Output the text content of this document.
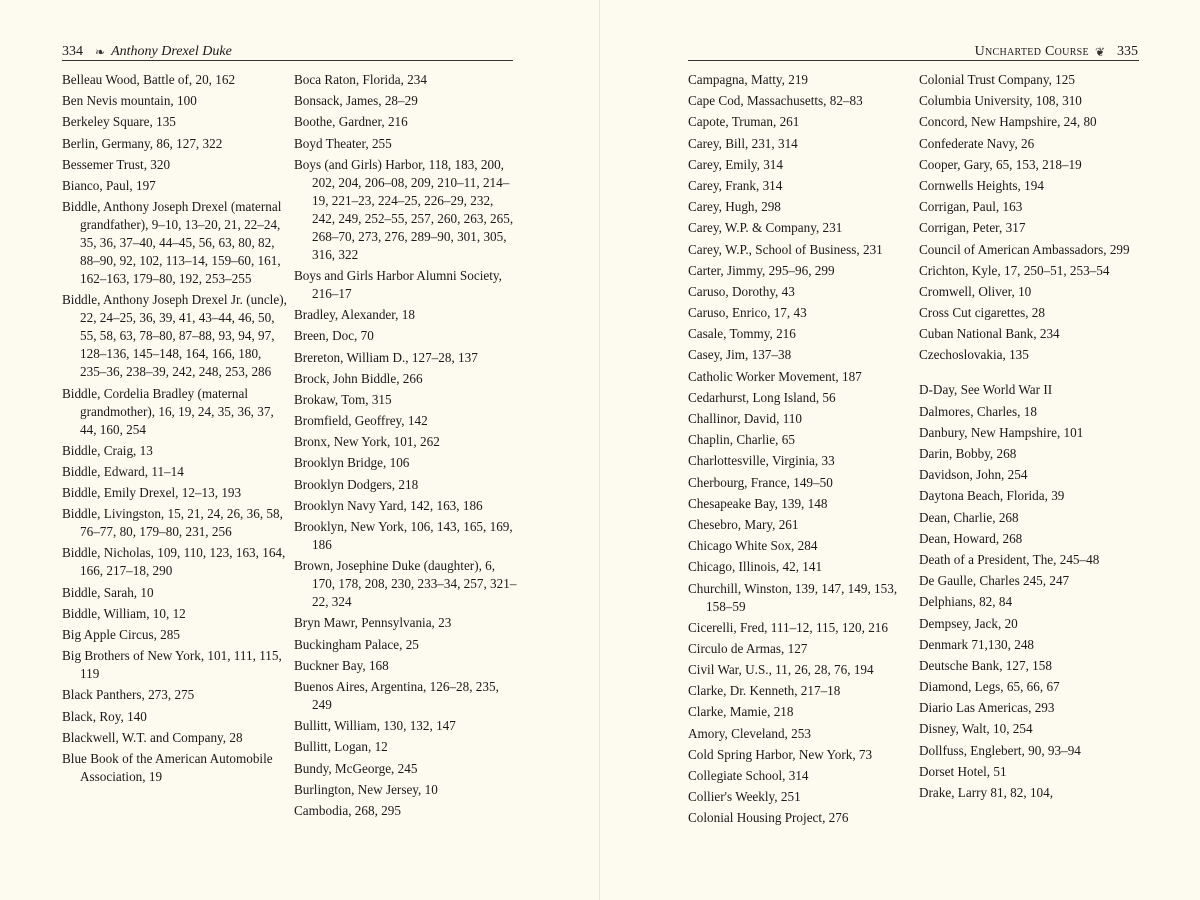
334 ❧ Anthony Drexel Duke
Belleau Wood, Battle of, 20, 162
Ben Nevis mountain, 100
Berkeley Square, 135
Berlin, Germany, 86, 127, 322
Bessemer Trust, 320
Bianco, Paul, 197
Biddle, Anthony Joseph Drexel (maternal grandfather), 9–10, 13–20, 21, 22–24, 35, 36, 37–40, 44–45, 56, 63, 80, 82, 88–90, 92, 102, 113–14, 159–60, 161, 162–163, 179–80, 192, 253–255
Biddle, Anthony Joseph Drexel Jr. (uncle), 22, 24–25, 36, 39, 41, 43–44, 46, 50, 55, 58, 63, 78–80, 87–88, 93, 94, 97, 128–136, 145–148, 164, 166, 180, 235–36, 238–39, 242, 248, 253, 286
Biddle, Cordelia Bradley (maternal grandmother), 16, 19, 24, 35, 36, 37, 44, 160, 254
Biddle, Craig, 13
Biddle, Edward, 11–14
Biddle, Emily Drexel, 12–13, 193
Biddle, Livingston, 15, 21, 24, 26, 36, 58, 76–77, 80, 179–80, 231, 256
Biddle, Nicholas, 109, 110, 123, 163, 164, 166, 217–18, 290
Biddle, Sarah, 10
Biddle, William, 10, 12
Big Apple Circus, 285
Big Brothers of New York, 101, 111, 115, 119
Black Panthers, 273, 275
Black, Roy, 140
Blackwell, W.T. and Company, 28
Blue Book of the American Automobile Association, 19
Boca Raton, Florida, 234
Bonsack, James, 28–29
Boothe, Gardner, 216
Boyd Theater, 255
Boys (and Girls) Harbor, 118, 183, 200, 202, 204, 206–08, 209, 210–11, 214–19, 221–23, 224–25, 226–29, 232, 242, 249, 252–55, 257, 260, 263, 265, 268–70, 273, 276, 289–90, 301, 305, 316, 322
Boys and Girls Harbor Alumni Society, 216–17
Bradley, Alexander, 18
Breen, Doc, 70
Brereton, William D., 127–28, 137
Brock, John Biddle, 266
Brokaw, Tom, 315
Bromfield, Geoffrey, 142
Bronx, New York, 101, 262
Brooklyn Bridge, 106
Brooklyn Dodgers, 218
Brooklyn Navy Yard, 142, 163, 186
Brooklyn, New York, 106, 143, 165, 169, 186
Brown, Josephine Duke (daughter), 6, 170, 178, 208, 230, 233–34, 257, 321–22, 324
Bryn Mawr, Pennsylvania, 23
Buckingham Palace, 25
Buckner Bay, 168
Buenos Aires, Argentina, 126–28, 235, 249
Bullitt, William, 130, 132, 147
Bullitt, Logan, 12
Bundy, McGeorge, 245
Burlington, New Jersey, 10
Cambodia, 268, 295
Uncharted Course ❦ 335
Campagna, Matty, 219
Cape Cod, Massachusetts, 82–83
Capote, Truman, 261
Carey, Bill, 231, 314
Carey, Emily, 314
Carey, Frank, 314
Carey, Hugh, 298
Carey, W.P. & Company, 231
Carey, W.P., School of Business, 231
Carter, Jimmy, 295–96, 299
Caruso, Dorothy, 43
Caruso, Enrico, 17, 43
Casale, Tommy, 216
Casey, Jim, 137–38
Catholic Worker Movement, 187
Cedarhurst, Long Island, 56
Challinor, David, 110
Chaplin, Charlie, 65
Charlottesville, Virginia, 33
Cherbourg, France, 149–50
Chesapeake Bay, 139, 148
Chesebro, Mary, 261
Chicago White Sox, 284
Chicago, Illinois, 42, 141
Churchill, Winston, 139, 147, 149, 153, 158–59
Cicerelli, Fred, 111–12, 115, 120, 216
Circulo de Armas, 127
Civil War, U.S., 11, 26, 28, 76, 194
Clarke, Dr. Kenneth, 217–18
Clarke, Mamie, 218
Amory, Cleveland, 253
Cold Spring Harbor, New York, 73
Collegiate School, 314
Collier's Weekly, 251
Colonial Housing Project, 276
Colonial Trust Company, 125
Columbia University, 108, 310
Concord, New Hampshire, 24, 80
Confederate Navy, 26
Cooper, Gary, 65, 153, 218–19
Cornwells Heights, 194
Corrigan, Paul, 163
Corrigan, Peter, 317
Council of American Ambassadors, 299
Crichton, Kyle, 17, 250–51, 253–54
Cromwell, Oliver, 10
Cross Cut cigarettes, 28
Cuban National Bank, 234
Czechoslovakia, 135
D-Day, See World War II
Dalmores, Charles, 18
Danbury, New Hampshire, 101
Darin, Bobby, 268
Davidson, John, 254
Daytona Beach, Florida, 39
Dean, Charlie, 268
Dean, Howard, 268
Death of a President, The, 245–48
De Gaulle, Charles 245, 247
Delphians, 82, 84
Dempsey, Jack, 20
Denmark 71,130, 248
Deutsche Bank, 127, 158
Diamond, Legs, 65, 66, 67
Diario Las Americas, 293
Disney, Walt, 10, 254
Dollfuss, Englebert, 90, 93–94
Dorset Hotel, 51
Drake, Larry 81, 82, 104,
